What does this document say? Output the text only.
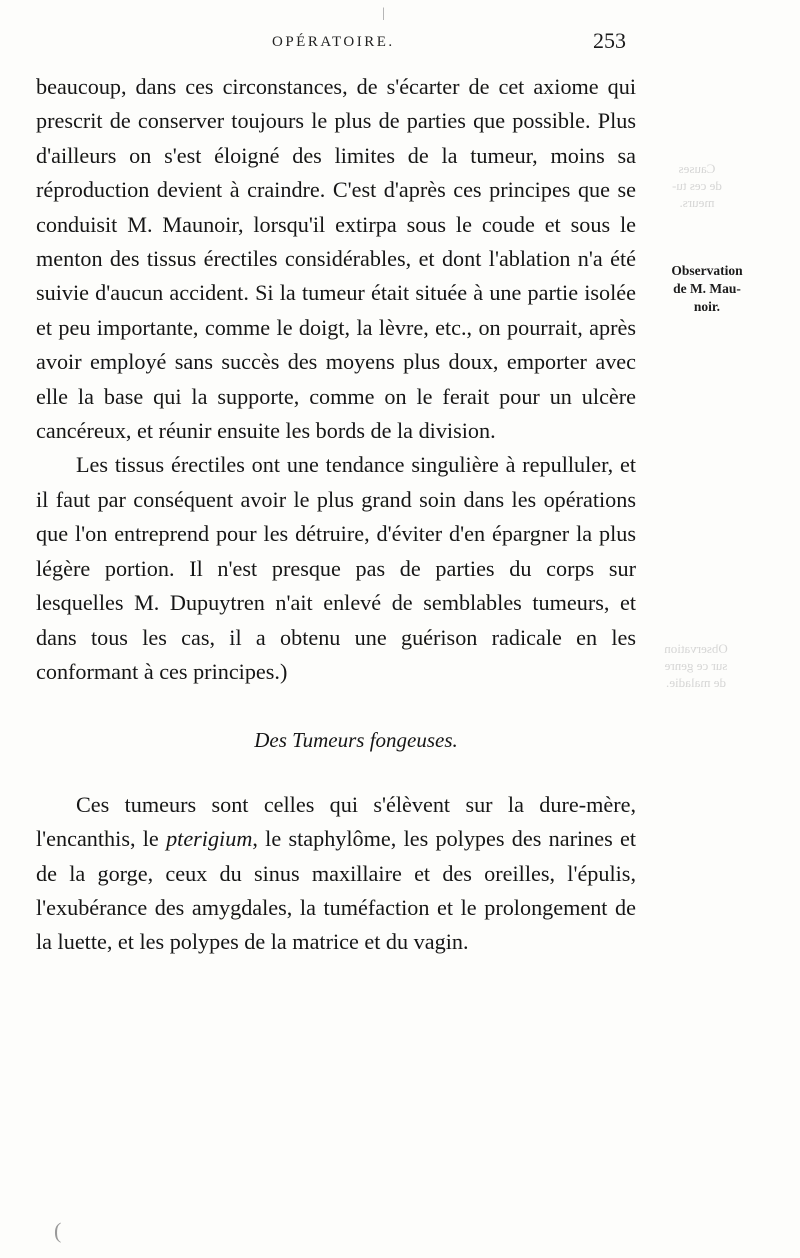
Causes
de ces tu-
meurs.
Observation
sur ce genre
de maladie.
(
|
OPÉRATOIRE.	253
Observation
de M. Mau-
noir.

beaucoup, dans ces circonstances, de s'écarter de cet axiome qui prescrit de conserver toujours le plus de parties que possible. Plus d'ailleurs on s'est éloigné des limites de la tumeur, moins sa réproduction devient à craindre. C'est d'après ces principes que se conduisit M. Maunoir, lorsqu'il extirpa sous le coude et sous le menton des tissus érectiles considérables, et dont l'ablation n'a été suivie d'aucun accident. Si la tumeur était située à une partie isolée et peu importante, comme le doigt, la lèvre, etc., on pourrait, après avoir employé sans succès des moyens plus doux, emporter avec elle la base qui la supporte, comme on le ferait pour un ulcère cancéreux, et réunir ensuite les bords de la division.

Les tissus érectiles ont une tendance singulière à repulluler, et il faut par conséquent avoir le plus grand soin dans les opérations que l'on entreprend pour les détruire, d'éviter d'en épargner la plus légère portion. Il n'est presque pas de parties du corps sur lesquelles M. Dupuytren n'ait enlevé de semblables tumeurs, et dans tous les cas, il a obtenu une guérison radicale en les conformant à ces principes.)

Des Tumeurs fongeuses.

Ces tumeurs sont celles qui s'élèvent sur la dure-mère, l'encanthis, le pterigium, le staphylôme, les polypes des narines et de la gorge, ceux du sinus maxillaire et des oreilles, l'épulis, l'exubérance des amygdales, la tuméfaction et le prolongement de la luette, et les polypes de la matrice et du vagin.
